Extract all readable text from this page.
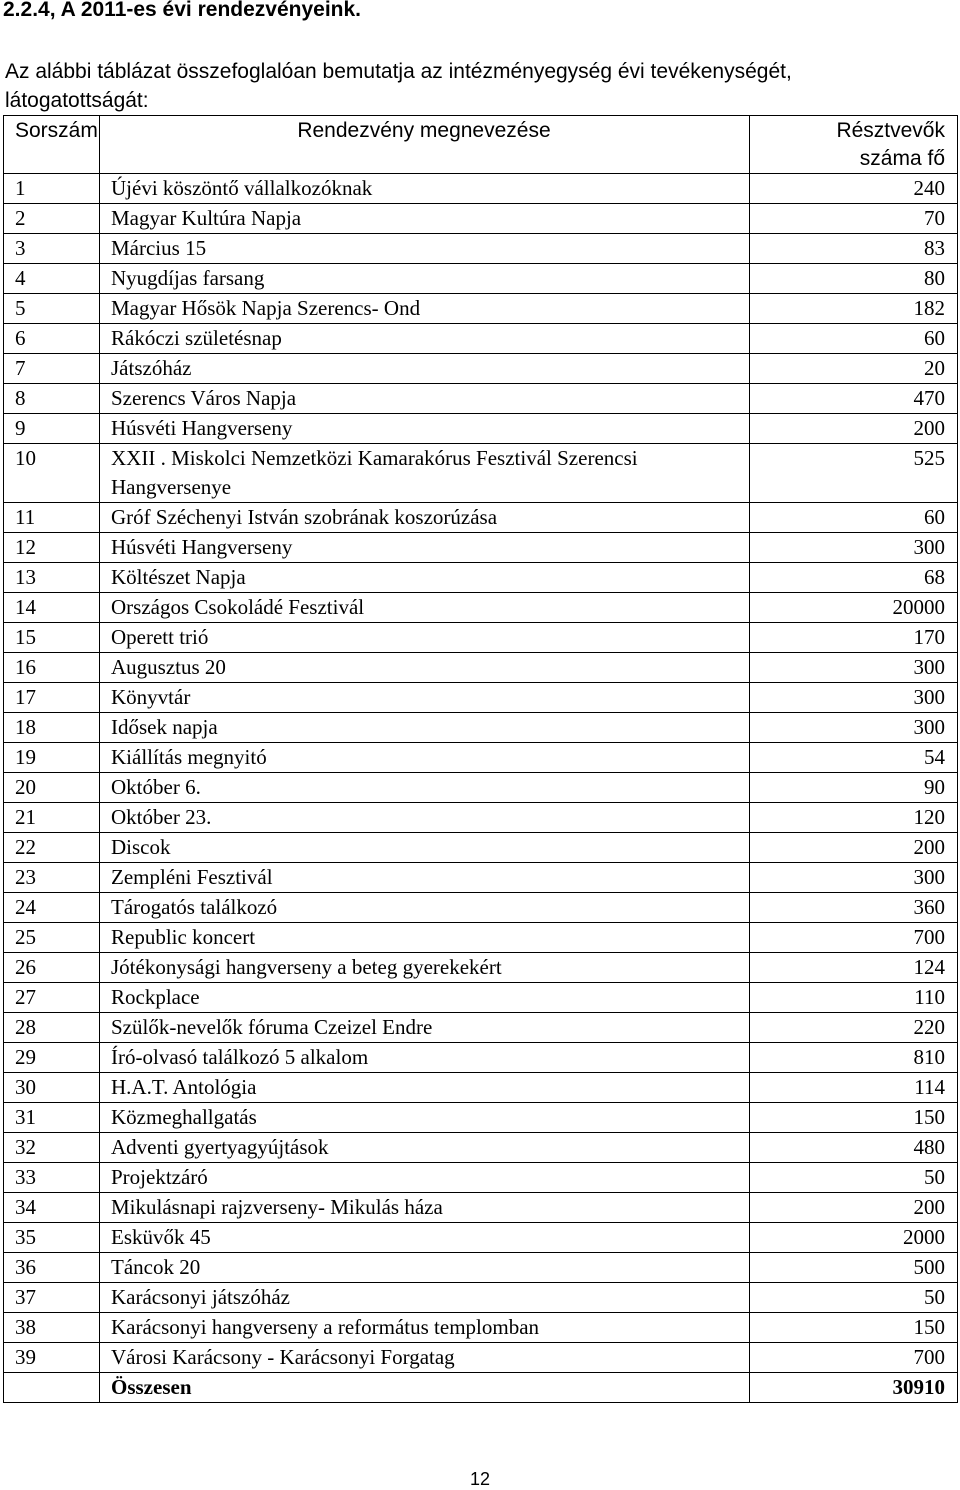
2.2.4, A 2011-es évi rendezvényeink.
Az alábbi táblázat összefoglalóan bemutatja az intézményegység évi tevékenységét,
látogatottságát:
Sorszám	Rendezvény megnevezése	Résztvevők
száma fő
1	Újévi köszöntő vállalkozóknak	240
2	Magyar Kultúra Napja	70
3	Március 15	83
4	Nyugdíjas farsang	80
5	Magyar Hősök Napja Szerencs- Ond	182
6	Rákóczi születésnap	60
7	Játszóház	20
8	Szerencs Város Napja	470
9	Húsvéti Hangverseny	200
10	XXII . Miskolci Nemzetközi Kamarakórus Fesztivál Szerencsi Hangversenye	525
11	Gróf Széchenyi István szobrának koszorúzása	60
12	Húsvéti Hangverseny	300
13	Költészet Napja	68
14	Országos Csokoládé Fesztivál	20000
15	Operett trió	170
16	Augusztus 20	300
17	Könyvtár	300
18	Idősek napja	300
19	Kiállítás megnyitó	54
20	Október 6.	90
21	Október 23.	120
22	Discok	200
23	Zempléni Fesztivál	300
24	Tárogatós találkozó	360
25	Republic koncert	700
26	Jótékonysági hangverseny a beteg gyerekekért	124
27	Rockplace	110
28	Szülők-nevelők fóruma Czeizel Endre	220
29	Író-olvasó találkozó 5 alkalom	810
30	H.A.T. Antológia	114
31	Közmeghallgatás	150
32	Adventi gyertyagyújtások	480
33	Projektzáró	50
34	Mikulásnapi rajzverseny- Mikulás háza	200
35	Esküvők 45	2000
36	Táncok 20	500
37	Karácsonyi játszóház	50
38	Karácsonyi hangverseny a református templomban	150
39	Városi Karácsony - Karácsonyi Forgatag	700
	Összesen	30910
12
